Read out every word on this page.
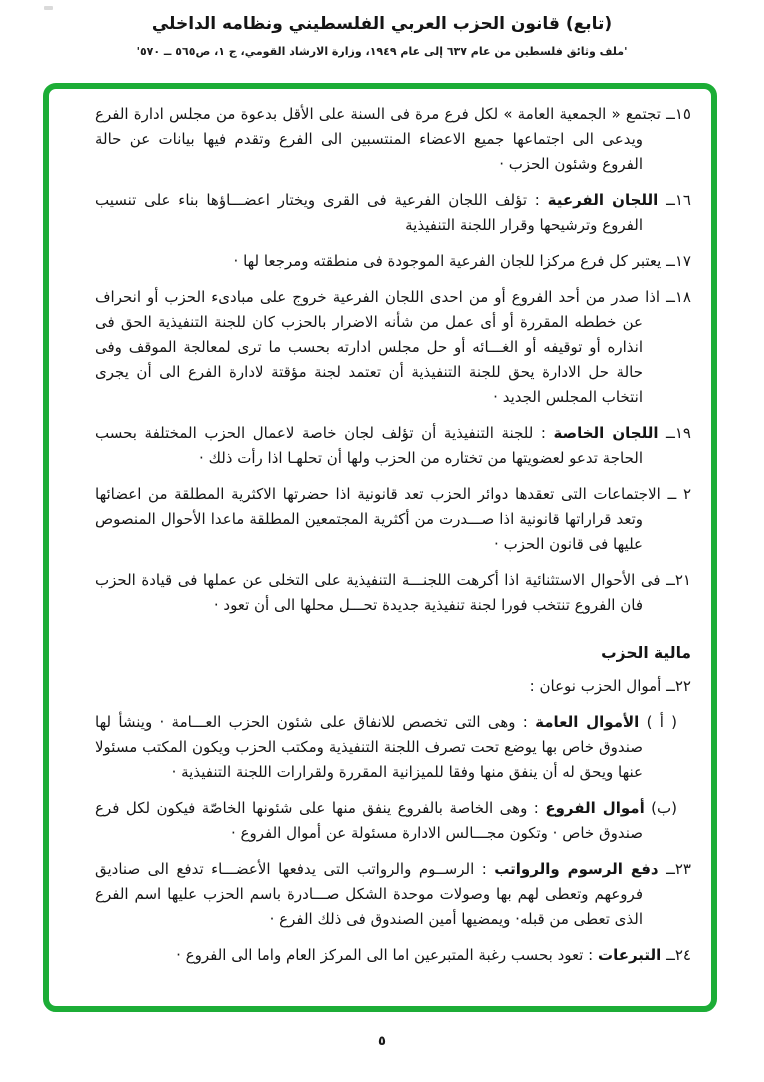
(تابع) قانون الحزب العربي الفلسطيني ونظامه الداخلي
'ملف وثائق فلسطين من عام ٦٣٧ إلى عام ١٩٤٩، وزارة الارشاد القومي، ج ١، ص٥٦٥ ــ ٥٧٠'

١٥ــ تجتمع « الجمعية العامة » لكل فرع مرة فى السنة على الأقل بدعوة من مجلس ادارة الفرع ويدعى الى اجتماعها جميع الاعضاء المنتسبين الى الفرع وتقدم فيها بيانات عن حالة الفروع وشئون الحزب ·

١٦ــ اللجان الفرعية : تؤلف اللجان الفرعية فى القرى ويختار اعضـــاؤها بناء على تنسيب الفروع وترشيحها وقرار اللجنة التنفيذية

١٧ــ يعتبر كل فرع مركزا للجان الفرعية الموجودة فى منطقته ومرجعا لها ·

١٨ــ اذا صدر من أحد الفروع أو من احدى اللجان الفرعية خروج على مبادىء الحزب أو انحراف عن خططه المقررة أو أى عمل من شأنه الاضرار بالحزب كان للجنة التنفيذية الحق فى انذاره أو توقيفه أو الغـــائه أو حل مجلس ادارته بحسب ما ترى لمعالجة الموقف وفى حالة حل الادارة يحق للجنة التنفيذية أن تعتمد لجنة مؤقتة لادارة الفرع الى أن يجرى انتخاب المجلس الجديد ·

١٩ــ اللجان الخاصة : للجنة التنفيذية أن تؤلف لجان خاصة لاعمال الحزب المختلفة بحسب الحاجة تدعو لعضويتها من تختاره من الحزب ولها أن تحلهـا اذا رأت ذلك ·

٢ ــ الاجتماعات التى تعقدها دوائر الحزب تعد قانونية اذا حضرتها الاكثرية المطلقة من اعضائها وتعد قراراتها قانونية اذا صـــدرت من أكثرية المجتمعين المطلقة ماعدا الأحوال المنصوص عليها فى قانون الحزب ·

٢١ــ فى الأحوال الاستثنائية اذا أكرهت اللجنـــة التنفيذية على التخلى عن عملها فى قيادة الحزب فان الفروع تنتخب فورا لجنة تنفيذية جديدة تحـــل محلها الى أن تعود ·

مالية الحزب

٢٢ــ أموال الحزب نوعان :

( أ ) الأموال العامة : وهى التى تخصص للانفاق على شئون الحزب العـــامة · وينشأ لها صندوق خاص بها يوضع تحت تصرف اللجنة التنفيذية ومكتب الحزب ويكون المكتب مسئولا عنها ويحق له أن ينفق منها وفقا للميزانية المقررة ولقرارات اللجنة التنفيذية ·

(ب) أموال الفروع : وهى الخاصة بالفروع ينفق منها على شئونها الخاصّة فيكون لكل فرع صندوق خاص · وتكون مجـــالس الادارة مسئولة عن أموال الفروع ·

٢٣ــ دفع الرسوم والرواتب : الرســوم والرواتب التى يدفعها الأعضـــاء تدفع الى صناديق فروعهم وتعطى لهم بها وصولات موحدة الشكل صـــادرة باسم الحزب عليها اسم الفرع الذى تعطى من قبله· ويمضيها أمين الصندوق فى ذلك الفرع ·

٢٤ــ التبرعات : تعود بحسب رغبة المتبرعين اما الى المركز العام واما الى الفروع ·

٥
